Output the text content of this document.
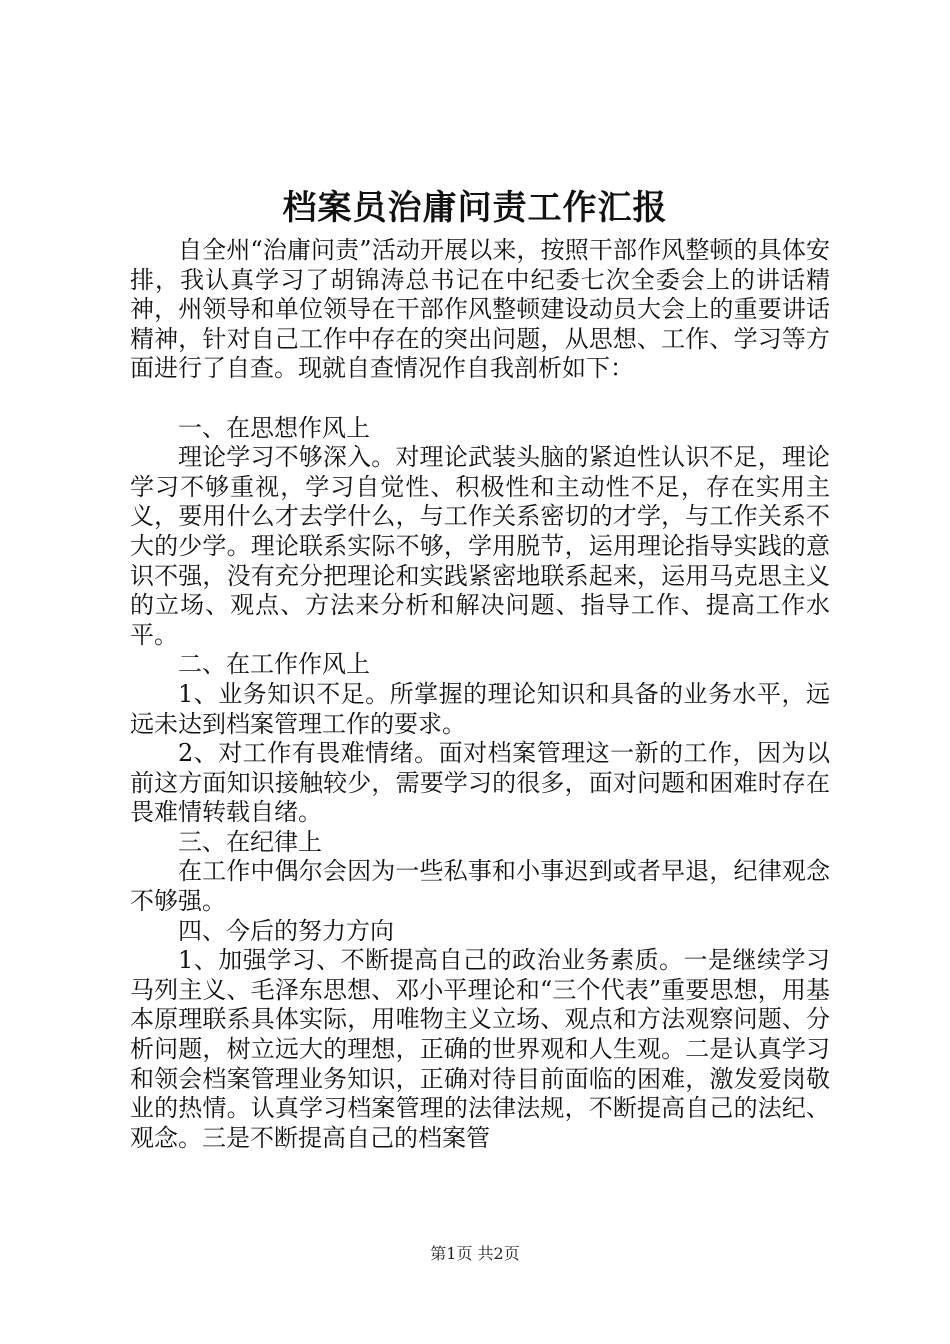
档案员治庸问责工作汇报

自全州“治庸问责”活动开展以来，按照干部作风整顿的具体安排，我认真学习了胡锦涛总书记在中纪委七次全委会上的讲话精神，州领导和单位领导在干部作风整顿建设动员大会上的重要讲话精神，针对自己工作中存在的突出问题，从思想、工作、学习等方面进行了自查。现就自查情况作自我剖析如下：

一、在思想作风上

理论学习不够深入。对理论武装头脑的紧迫性认识不足，理论学习不够重视，学习自觉性、积极性和主动性不足，存在实用主义，要用什么才去学什么，与工作关系密切的才学，与工作关系不大的少学。理论联系实际不够，学用脱节，运用理论指导实践的意识不强，没有充分把理论和实践紧密地联系起来，运用马克思主义的立场、观点、方法来分析和解决问题、指导工作、提高工作水平。

二、在工作作风上

1、业务知识不足。所掌握的理论知识和具备的业务水平，远远未达到档案管理工作的要求。

2、对工作有畏难情绪。面对档案管理这一新的工作，因为以前这方面知识接触较少，需要学习的很多，面对问题和困难时存在畏难情转载自绪。

三、在纪律上

在工作中偶尔会因为一些私事和小事迟到或者早退，纪律观念不够强。

四、今后的努力方向

1、加强学习、不断提高自己的政治业务素质。一是继续学习马列主义、毛泽东思想、邓小平理论和“三个代表”重要思想，用基本原理联系具体实际，用唯物主义立场、观点和方法观察问题、分析问题，树立远大的理想，正确的世界观和人生观。二是认真学习和领会档案管理业务知识，正确对待目前面临的困难，激发爱岗敬业的热情。认真学习档案管理的法律法规，不断提高自己的法纪、观念。三是不断提高自己的档案管

第1页 共2页
